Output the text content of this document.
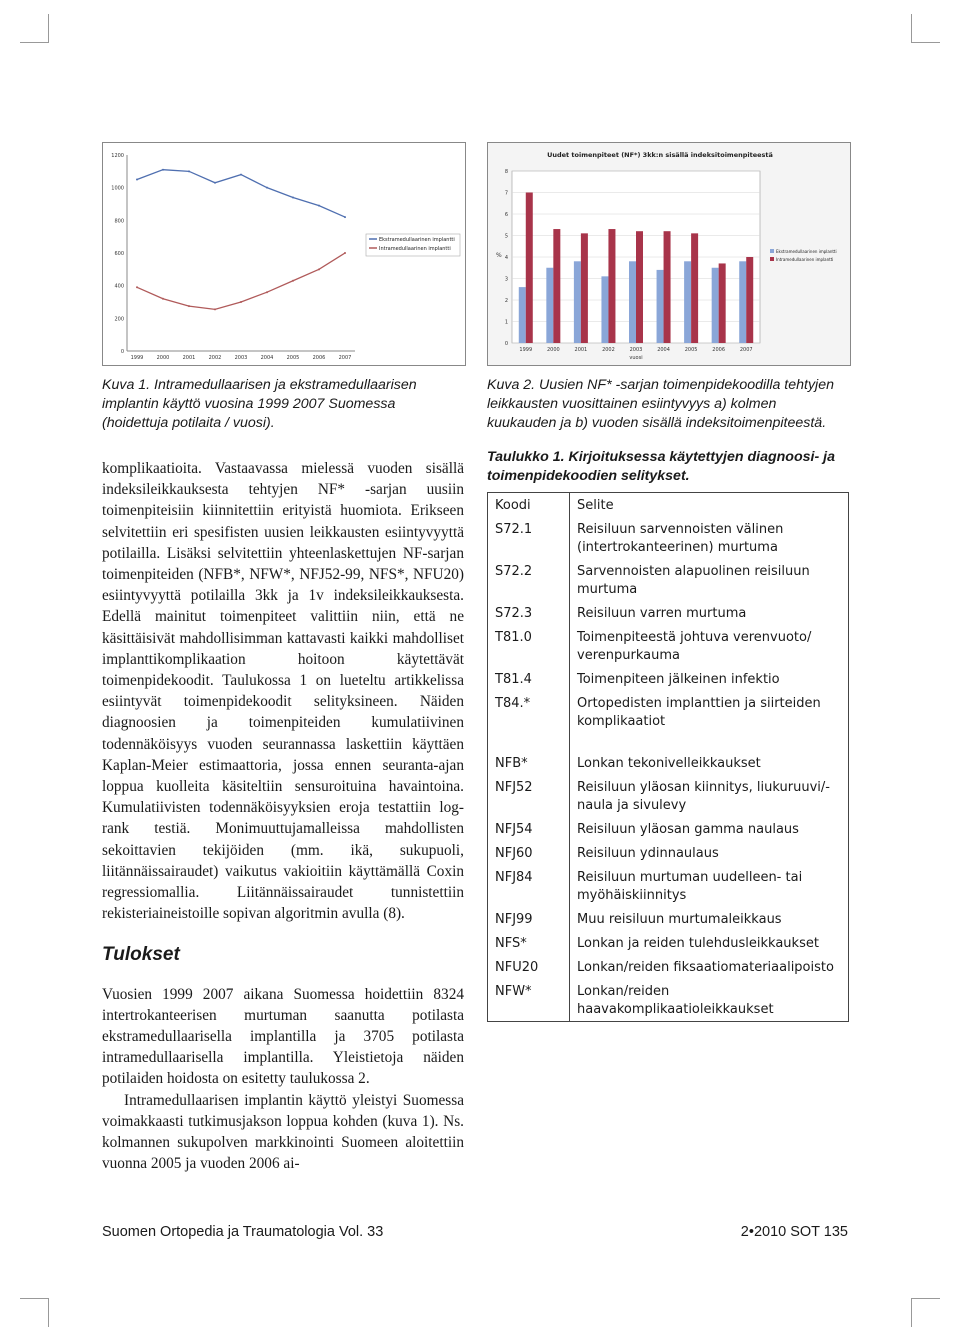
0
200
400
600
800
1000
1200
1999	2000	2001	2002	2003	2004	2005	2006	2007
Ekstramedullaarinen implantti
Intramedullaarinen implantti
Uudet toimenpiteet (NF*) 3kk:n sisällä indeksitoimenpiteestä
0
1
2
3
4
5
6
7
8
%
1999	2000	2001	2002	2003	2004	2005	2006	2007
vuosi
Ekstramedullaarinen implantti
Intramedullaarinen implantti
Kuva 1. Intramedullaarisen ja ekstramedullaarisen implantin käyttö vuosina 1999 2007 Suomessa (hoidettuja potilaita / vuosi).
Kuva 2. Uusien NF* -sarjan toimenpidekoodilla tehtyjen leikkausten vuosittainen esiintyvyys a) kolmen kuukauden ja b) vuoden sisällä indeksitoimenpiteestä.

komplikaatioita. Vastaavassa mielessä vuoden sisällä indeksileikkauksesta tehtyjen NF* -sarjan uusiin toimenpiteisiin kiinnitettiin erityistä huomiota. Erikseen selvitettiin eri spesifisten uusien leikkausten esiintyvyyttä potilailla. Lisäksi selvitettiin yhteenlaskettujen NF-sarjan toimenpiteiden (NFB*, NFW*, NFJ52-99, NFS*, NFU20) esiintyvyyttä potilailla 3kk ja 1v indeksileikkauksesta. Edellä mainitut toimenpiteet valittiin niin, että ne käsittäisivät mahdollisimman kattavasti kaikki mahdolliset implanttikomplikaation hoitoon käytettävät toimenpidekoodit. Taulukossa 1 on lueteltu artikkelissa esiintyvät toimenpidekoodit selityksineen. Näiden diagnoosien ja toimenpiteiden kumulatiivinen todennäköisyys vuoden seurannassa laskettiin käyttäen Kaplan-Meier estimaattoria, jossa ennen seuranta-ajan loppua kuolleita käsiteltiin sensuroituina havaintoina. Kumulatiivisten todennäköisyyksien eroja testattiin log-rank testiä. Monimuuttujamalleissa mahdollisten sekoittavien tekijöiden (mm. ikä, sukupuoli, liitännäissairaudet) vaikutus vakioitiin käyttämällä Coxin regressiomallia. Liitännäissairaudet tunnistettiin rekisteriaineistoille sopivan algoritmin avulla (8).

Tulokset

Vuosien 1999 2007 aikana Suomessa hoidettiin 8324 intertrokanteerisen murtuman saanutta potilasta ekstramedullaarisella implantilla ja 3705 potilasta intramedullaarisella implantilla. Yleistietoja näiden potilaiden hoidosta on esitetty taulukossa 2.

Intramedullaarisen implantin käyttö yleistyi Suomessa voimakkaasti tutkimusjakson loppua kohden (kuva 1). Ns. kolmannen sukupolven markkinointi Suomeen aloitettiin vuonna 2005 ja vuoden 2006 ai-

Taulukko 1. Kirjoituksessa käytettyjen diagnoosi- ja toimenpidekoodien selitykset.
Koodi	Selite
S72.1	Reisiluun sarvennoisten välinen (intertrokanteerinen) murtuma
S72.2	Sarvennoisten alapuolinen reisiluun murtuma
S72.3	Reisiluun varren murtuma
T81.0	Toimenpiteestä johtuva verenvuoto/ verenpurkauma
T81.4	Toimenpiteen jälkeinen infektio
T84.*	Ortopedisten implanttien ja siirteiden komplikaatiot

NFB*	Lonkan tekonivelleikkaukset
NFJ52	Reisiluun yläosan kiinnitys, liukuruuvi/-naula ja sivulevy
NFJ54	Reisiluun yläosan gamma naulaus
NFJ60	Reisiluun ydinnaulaus
NFJ84	Reisiluun murtuman uudelleen- tai myöhäiskiinnitys
NFJ99	Muu reisiluun murtumaleikkaus
NFS*	Lonkan ja reiden tulehdusleikkaukset
NFU20	Lonkan/reiden fiksaatiomateriaalipoisto
NFW*	Lonkan/reiden haavakomplikaatioleikkaukset
Suomen Ortopedia ja Traumatologia Vol. 33	2•2010 SOT 135
